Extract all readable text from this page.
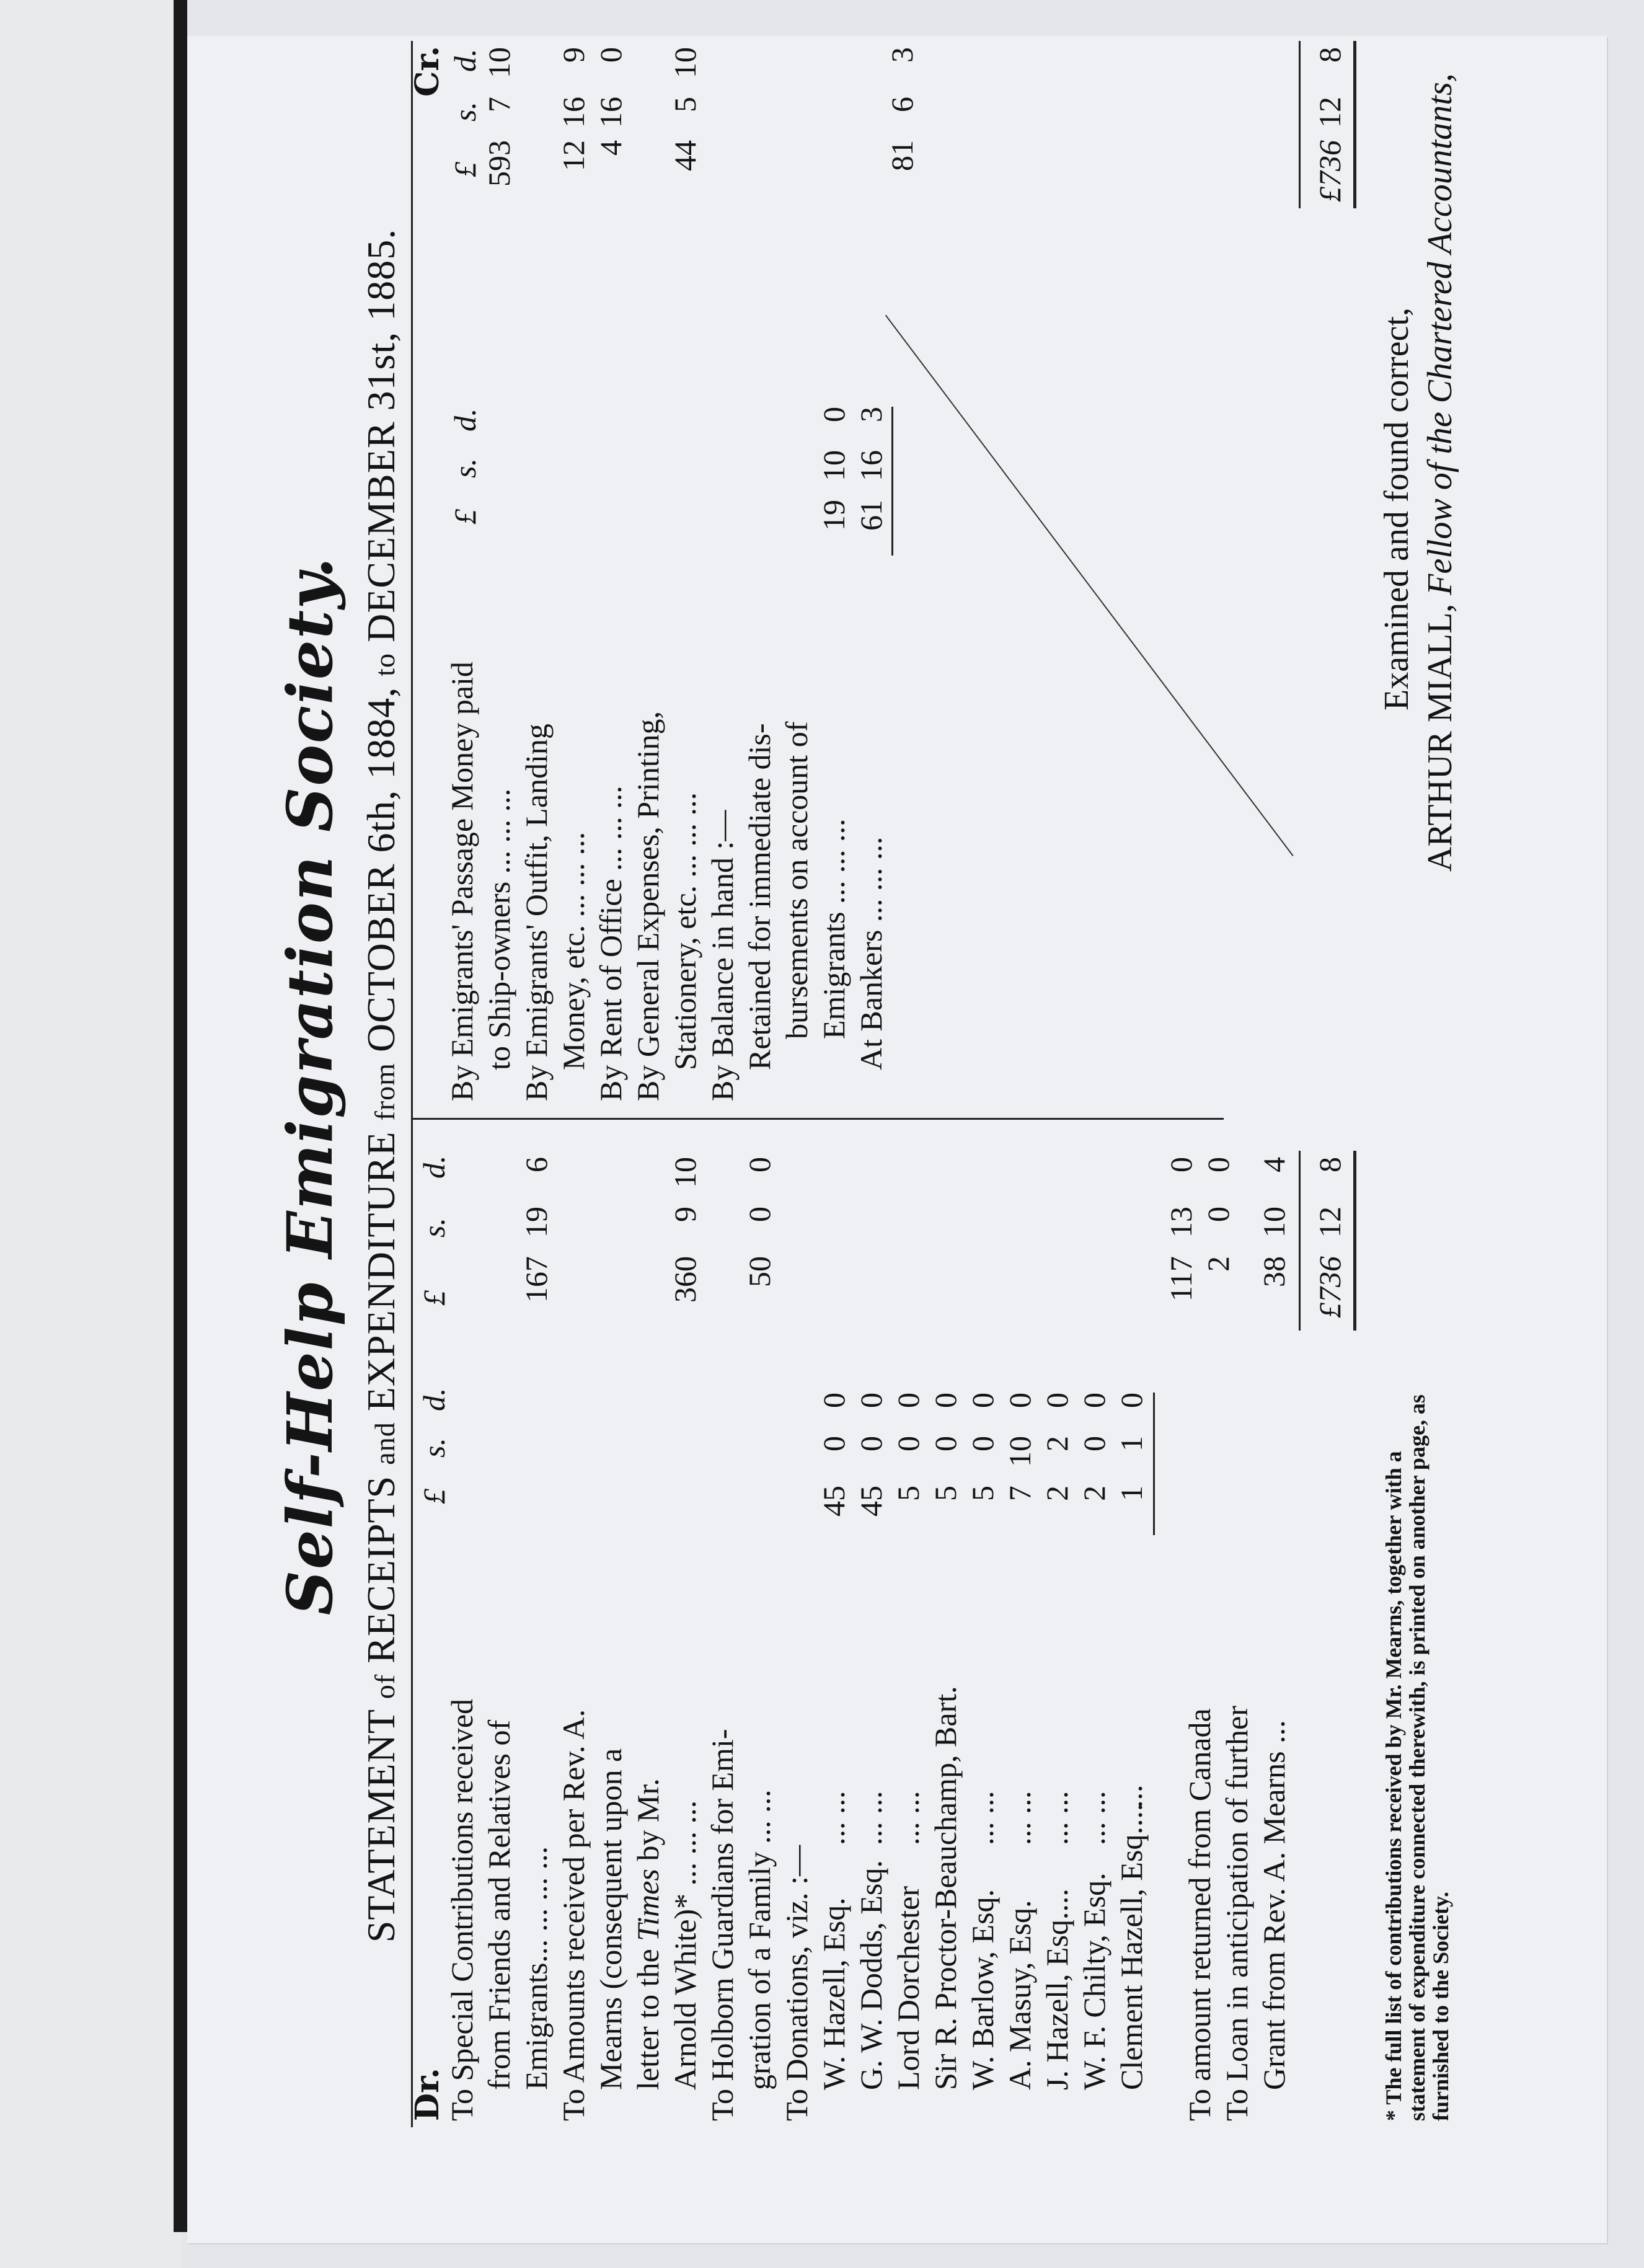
Self-Help Emigration Society.
STATEMENT of RECEIPTS and EXPENDITURE from OCTOBER 6th, 1884, to DECEMBER 31st, 1885.
Dr.
£
s.
d.
£
s.
d.
To Special Contributions received from Friends and Relatives of Emigrants... ... ... ... To Amounts received per Rev. A. Mearns (consequent upon a letter to the Times by Mr. Arnold White)* ... ... ... To Holborn Guardians for Emi- gration of a Family ... ... To Donations, viz. :— W. Hazell, Esq.
... ...
45
0
0
G. W. Dodds, Esq.
... ...
45
0
0
Lord Dorchester
... ...
5
0
0
Sir R. Proctor-Beauchamp, Bart.
5
0
0
W. Barlow, Esq.
... ...
5
0
0
A. Masuy, Esq.
... ...
7
10
0
J. Hazell, Esq....
... ...
2
2
0
W. F. Chilty, Esq.
... ...
2
0
0
Clement Hazell, Esq....
...
1
1
0
To amount returned from Canada To Loan in anticipation of further Grant from Rev. A. Mearns ...
167
19
6
360
9
10
50
0
0
117
13
0
2
0
0
38
10
4
£736
12
8
* The full list of contributions received by Mr. Mearns, together with a
statement of expenditure connected therewith, is printed on another page, as
furnished to the Society.
Cr.
£
s.
d.
£
s.
d.
By Emigrants' Passage Money paid to Ship-owners ... ... ... By Emigrants' Outfit, Landing Money, etc. ... ... ... By Rent of Office ... ... ... By General Expenses, Printing, Stationery, etc. ... ... ... By Balance in hand :— Retained for immediate dis- bursements on account of Emigrants ... ... ... At Bankers ... ... ...
19
10
0
61
16
3
593
7
10
12
16
9
4
16
0
44
5
10
81
6
3
£736
12
8
Examined and found correct,
ARTHUR MIALL, Fellow of the Chartered Accountants,
